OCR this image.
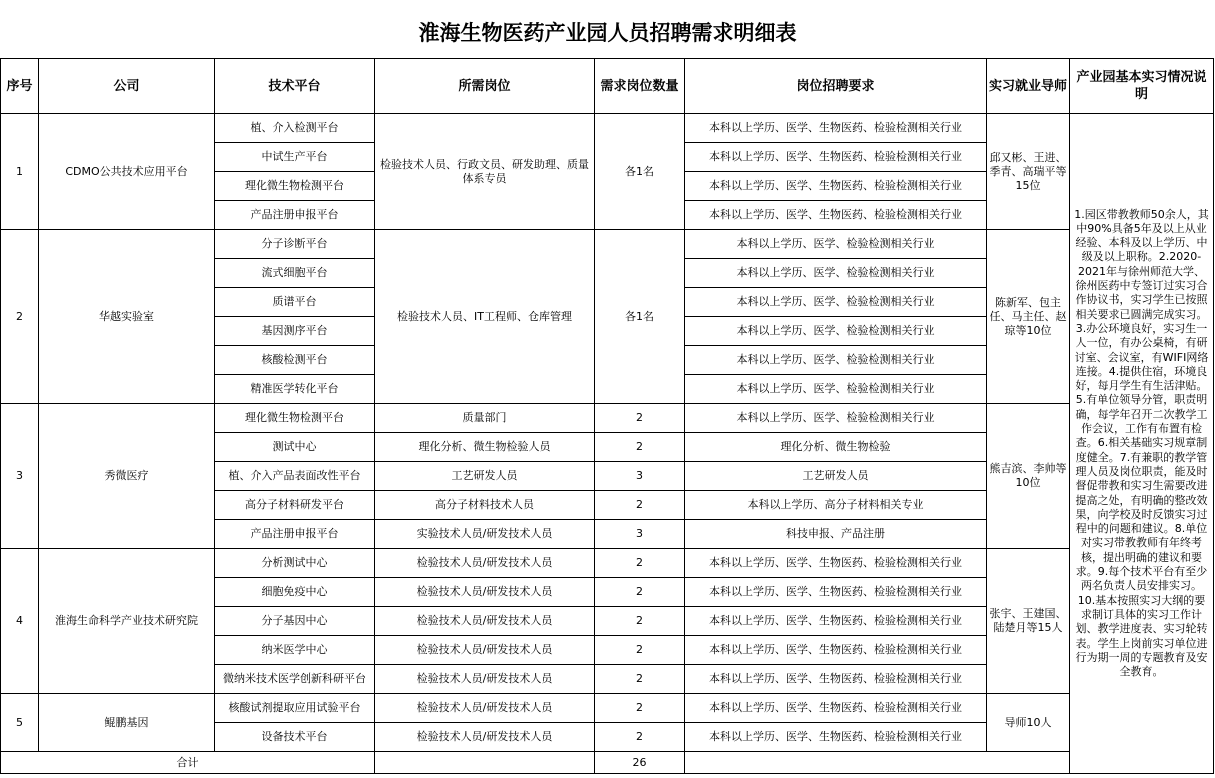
淮海生物医药产业园人员招聘需求明细表
序号	公司	技术平台	所需岗位	需求岗位数量	岗位招聘要求	实习就业导师	产业园基本实习情况说明
1	CDMO公共技术应用平台	植、介入检测平台	检验技术人员、行政文员、研发助理、质量体系专员	各1名	本科以上学历、医学、生物医药、检验检测相关行业	邱又彬、王进、季青、高瑞平等15位	1.园区带教教师50余人，其中90%具备5年及以上从业经验、本科及以上学历、中级及以上职称。2.2020-2021年与徐州师范大学、徐州医药中专签订过实习合作协议书，实习学生已按照相关要求已圆满完成实习。3.办公环境良好，实习生一人一位，有办公桌椅，有研讨室、会议室，有WIFI网络连接。4.提供住宿，环境良好，每月学生有生活津贴。5.有单位领导分管，职责明确，每学年召开二次教学工作会议，工作有布置有检查。6.相关基础实习规章制度健全。7.有兼职的教学管理人员及岗位职责，能及时督促带教和实习生需要改进提高之处，有明确的整改效果，向学校及时反馈实习过程中的问题和建议。8.单位对实习带教教师有年终考核，提出明确的建议和要求。9.每个技术平台有至少两名负责人员安排实习。10.基本按照实习大纲的要求制订具体的实习工作计划、教学进度表、实习轮转表。学生上岗前实习单位进行为期一周的专题教育及安全教育。
		中试生产平台			本科以上学历、医学、生物医药、检验检测相关行业		
		理化微生物检测平台			本科以上学历、医学、生物医药、检验检测相关行业		
		产品注册申报平台			本科以上学历、医学、生物医药、检验检测相关行业		
2	华越实验室	分子诊断平台	检验技术人员、IT工程师、仓库管理	各1名	本科以上学历、医学、检验检测相关行业	陈新军、包主任、马主任、赵琼等10位	
		流式细胞平台			本科以上学历、医学、检验检测相关行业		
		质谱平台			本科以上学历、医学、检验检测相关行业		
		基因测序平台			本科以上学历、医学、检验检测相关行业		
		核酸检测平台			本科以上学历、医学、检验检测相关行业		
		精准医学转化平台			本科以上学历、医学、检验检测相关行业		
3	秀微医疗	理化微生物检测平台	质量部门	2	本科以上学历、医学、检验检测相关行业	熊吉滨、李帅等10位	
		测试中心	理化分析、微生物检验人员	2	理化分析、微生物检验		
		植、介入产品表面改性平台	工艺研发人员	3	工艺研发人员		
		高分子材料研发平台	高分子材料技术人员	2	本科以上学历、高分子材料相关专业		
		产品注册申报平台	实验技术人员/研发技术人员	3	科技申报、产品注册		
4	淮海生命科学产业技术研究院	分析测试中心	检验技术人员/研发技术人员	2	本科以上学历、医学、生物医药、检验检测相关行业	张宇、王建国、陆楚月等15人	
		细胞免疫中心	检验技术人员/研发技术人员	2	本科以上学历、医学、生物医药、检验检测相关行业		
		分子基因中心	检验技术人员/研发技术人员	2	本科以上学历、医学、生物医药、检验检测相关行业		
		纳米医学中心	检验技术人员/研发技术人员	2	本科以上学历、医学、生物医药、检验检测相关行业		
		微纳米技术医学创新科研平台	检验技术人员/研发技术人员	2	本科以上学历、医学、生物医药、检验检测相关行业		
5	鲲鹏基因	核酸试剂提取应用试验平台	检验技术人员/研发技术人员	2	本科以上学历、医学、生物医药、检验检测相关行业	导师10人	
		设备技术平台	检验技术人员/研发技术人员	2	本科以上学历、医学、生物医药、检验检测相关行业		
合计				26			
